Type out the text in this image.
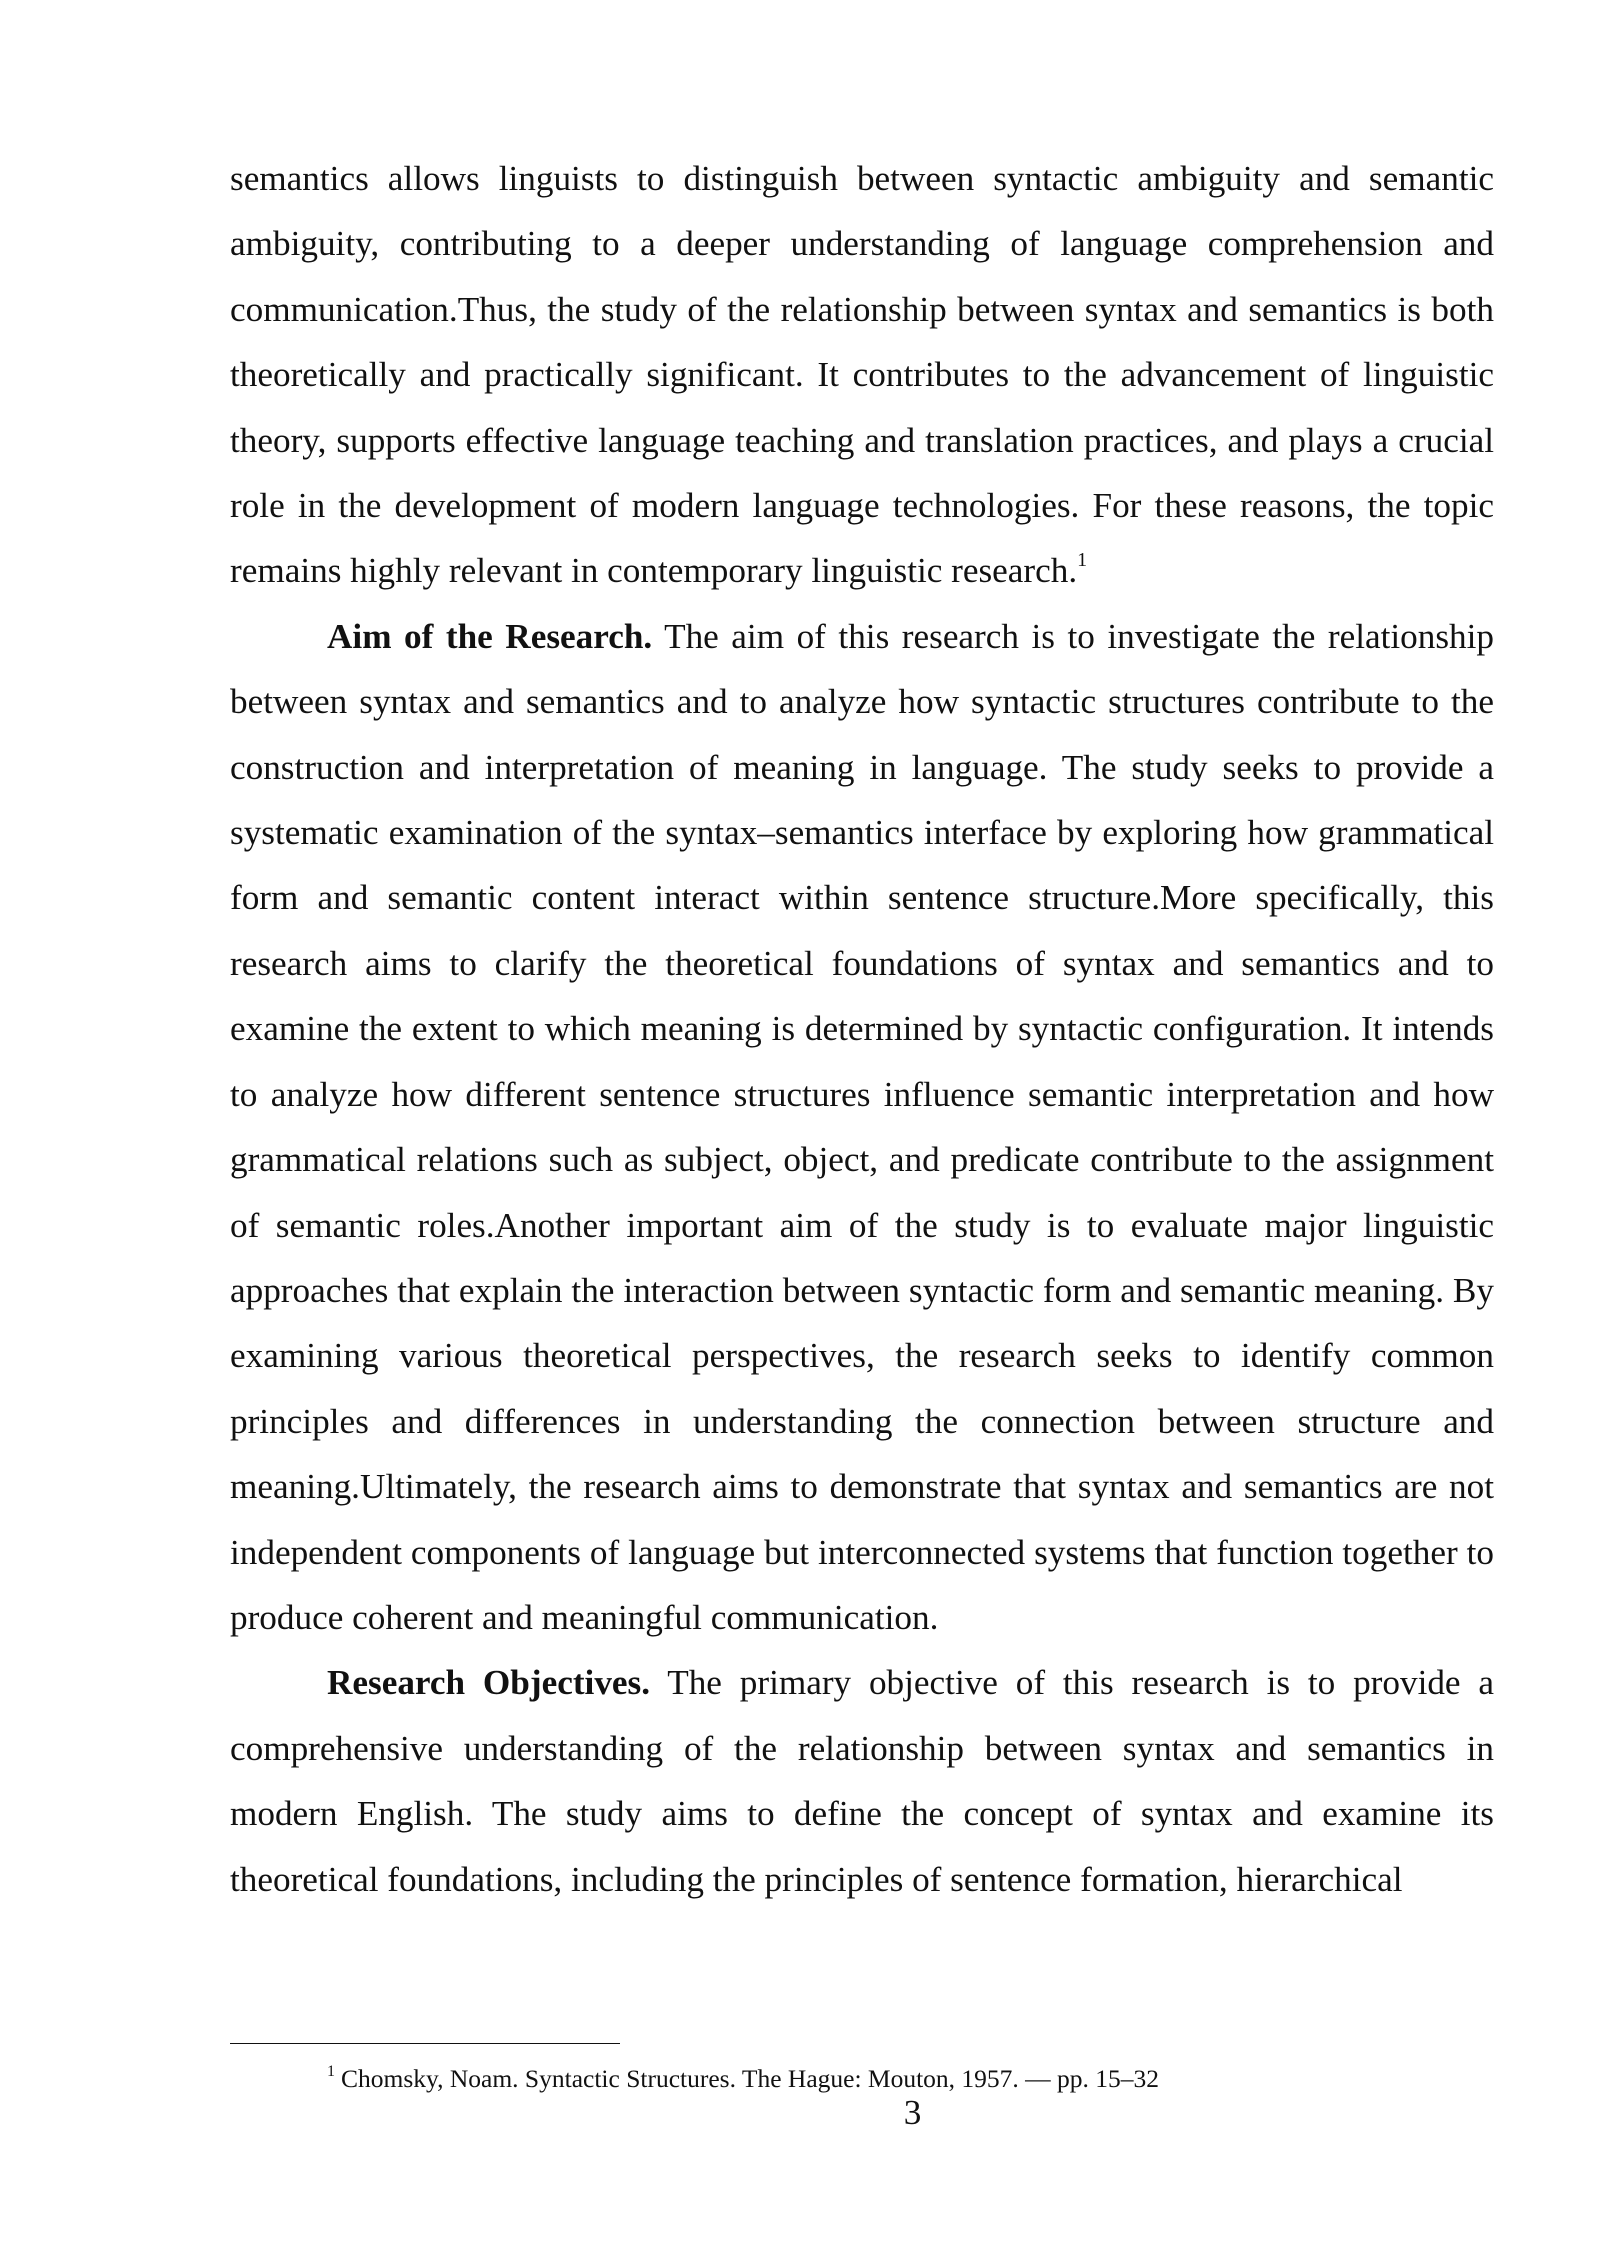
semantics allows linguists to distinguish between syntactic ambiguity and semantic ambiguity, contributing to a deeper understanding of language comprehension and communication.Thus, the study of the relationship between syntax and semantics is both theoretically and practically significant. It contributes to the advancement of linguistic theory, supports effective language teaching and translation practices, and plays a crucial role in the development of modern language technologies. For these reasons, the topic remains highly relevant in contemporary linguistic research.$^1$

Aim of the Research. The aim of this research is to investigate the relationship between syntax and semantics and to analyze how syntactic structures contribute to the construction and interpretation of meaning in language. The study seeks to provide a systematic examination of the syntax–semantics interface by exploring how grammatical form and semantic content interact within sentence structure.More specifically, this research aims to clarify the theoretical foundations of syntax and semantics and to examine the extent to which meaning is determined by syntactic configuration. It intends to analyze how different sentence structures influence semantic interpretation and how grammatical relations such as subject, object, and predicate contribute to the assignment of semantic roles.Another important aim of the study is to evaluate major linguistic approaches that explain the interaction between syntactic form and semantic meaning. By examining various theoretical perspectives, the research seeks to identify common principles and differences in understanding the connection between structure and meaning.Ultimately, the research aims to demonstrate that syntax and semantics are not independent components of language but interconnected systems that function together to produce coherent and meaningful communication.

Research Objectives. The primary objective of this research is to provide a comprehensive understanding of the relationship between syntax and semantics in modern English. The study aims to define the concept of syntax and examine its theoretical foundations, including the principles of sentence formation, hierarchical

$^1$ Chomsky, Noam. Syntactic Structures. The Hague: Mouton, 1957. — pp. 15–32
3
